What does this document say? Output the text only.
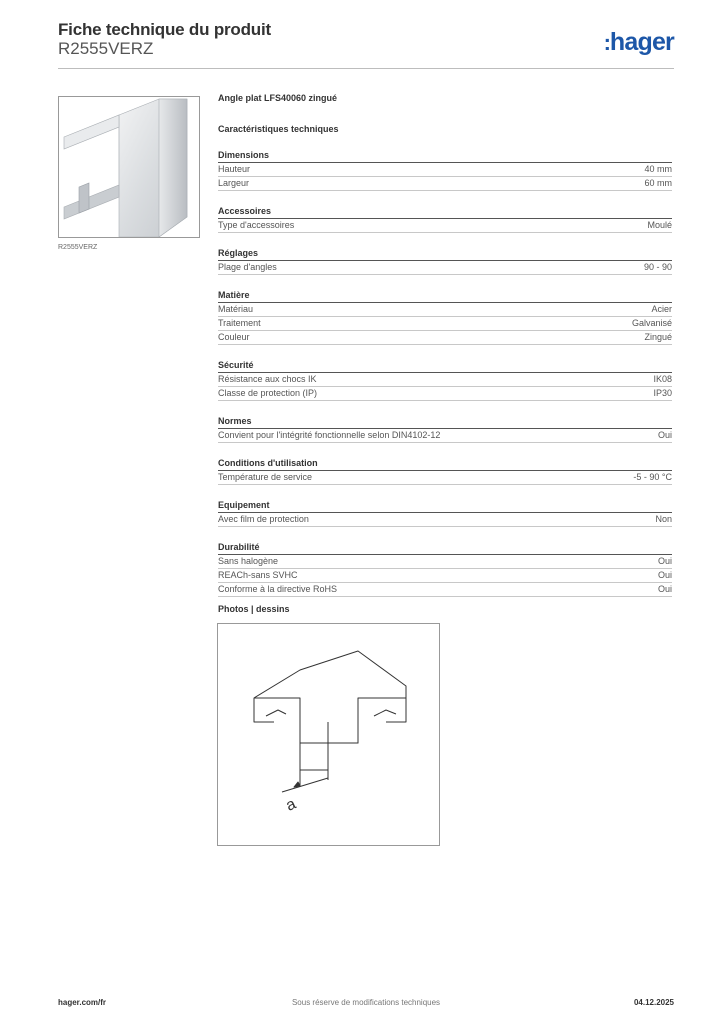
Fiche technique du produit
R2555VERZ	:hager
R2555VERZ
Angle plat LFS40060 zingué
Caractéristiques techniques
Dimensions
Hauteur	40 mm
Largeur	60 mm
Accessoires
Type d'accessoires	Moulé
Réglages
Plage d'angles	90 - 90
Matière
Matériau	Acier
Traitement	Galvanisé
Couleur	Zingué
Sécurité
Résistance aux chocs IK	IK08
Classe de protection (IP)	IP30
Normes
Convient pour l'intégrité fonctionnelle selon DIN4102-12	Oui
Conditions d'utilisation
Température de service	-5 - 90 °C
Equipement
Avec film de protection	Non
Durabilité
Sans halogène	Oui
REACh-sans SVHC	Oui
Conforme à la directive RoHS	Oui
Photos | dessins
a
hager.com/fr	Sous réserve de modifications techniques	04.12.2025
